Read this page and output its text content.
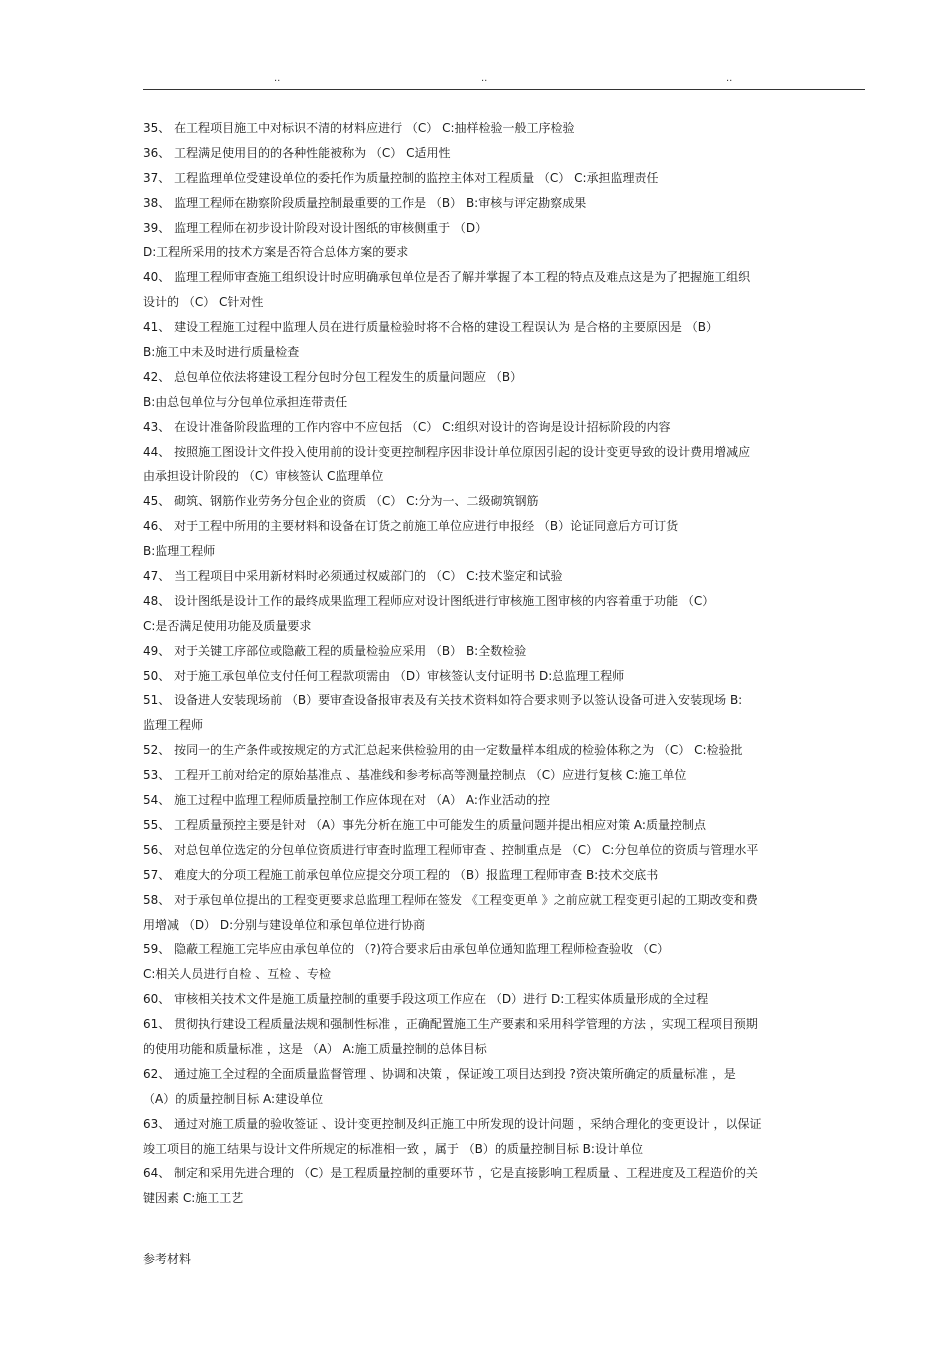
..	..	..
35、 在工程项目施工中对标识不清的材料应进行 （C） C:抽样检验一般工序检验
36、 工程满足使用目的的各种性能被称为 （C） C适用性
37、 工程监理单位受建设单位的委托作为质量控制的监控主体对工程质量 （C） C:承担监理责任
38、 监理工程师在勘察阶段质量控制最重要的工作是 （B） B:审核与评定勘察成果
39、 监理工程师在初步设计阶段对设计图纸的审核侧重于 （D）
D:工程所采用的技术方案是否符合总体方案的要求
40、 监理工程师审查施工组织设计时应明确承包单位是否了解并掌握了本工程的特点及难点这是为了把握施工组织
设计的 （C） C针对性
41、 建设工程施工过程中监理人员在进行质量检验时将不合格的建设工程误认为 是合格的主要原因是 （B）
B:施工中未及时进行质量检查
42、 总包单位依法将建设工程分包时分包工程发生的质量问题应 （B）
B:由总包单位与分包单位承担连带责任
43、 在设计准备阶段监理的工作内容中不应包括 （C） C:组织对设计的咨询是设计招标阶段的内容
44、 按照施工图设计文件投入使用前的设计变更控制程序因非设计单位原因引起的设计变更导致的设计费用增减应
由承担设计阶段的 （C）审核签认 C监理单位
45、 砌筑、钢筋作业劳务分包企业的资质 （C） C:分为一、二级砌筑钢筋
46、 对于工程中所用的主要材料和设备在订货之前施工单位应进行申报经 （B）论证同意后方可订货
B:监理工程师
47、 当工程项目中采用新材料时必须通过权威部门的 （C） C:技术鉴定和试验
48、 设计图纸是设计工作的最终成果监理工程师应对设计图纸进行审核施工图审核的内容着重于功能 （C）
C:是否满足使用功能及质量要求
49、 对于关键工序部位或隐蔽工程的质量检验应采用 （B） B:全数检验
50、 对于施工承包单位支付任何工程款项需由 （D）审核签认支付证明书 D:总监理工程师
51、 设备进人安装现场前 （B）要审查设备报审表及有关技术资料如符合要求则予以签认设备可进入安装现场 B:
监理工程师
52、 按同一的生产条件或按规定的方式汇总起来供检验用的由一定数量样本组成的检验体称之为 （C） C:检验批
53、 工程开工前对给定的原始基准点 、基准线和参考标高等测量控制点 （C）应进行复核 C:施工单位
54、 施工过程中监理工程师质量控制工作应体现在对 （A） A:作业活动的控
55、 工程质量预控主要是针对 （A）事先分析在施工中可能发生的质量问题并提出相应对策 A:质量控制点
56、 对总包单位选定的分包单位资质进行审查时监理工程师审查 、控制重点是 （C） C:分包单位的资质与管理水平
57、 难度大的分项工程施工前承包单位应提交分项工程的 （B）报监理工程师审查 B:技术交底书
58、 对于承包单位提出的工程变更要求总监理工程师在签发 《工程变更单 》之前应就工程变更引起的工期改变和费
用增减 （D） D:分别与建设单位和承包单位进行协商
59、 隐蔽工程施工完毕应由承包单位的 （?)符合要求后由承包单位通知监理工程师检查验收 （C）
C:相关人员进行自检 、互检 、专检
60、 审核相关技术文件是施工质量控制的重要手段这项工作应在 （D）进行 D:工程实体质量形成的全过程
61、 贯彻执行建设工程质量法规和强制性标准 ，正确配置施工生产要素和采用科学管理的方法 ，实现工程项目预期
的使用功能和质量标准 ，这是 （A） A:施工质量控制的总体目标
62、 通过施工全过程的全面质量监督管理 、协调和决策 ，保证竣工项目达到投 ?资决策所确定的质量标准 ，是
（A）的质量控制目标 A:建设单位
63、 通过对施工质量的验收签证 、设计变更控制及纠正施工中所发现的设计问题 ，采纳合理化的变更设计 ，以保证
竣工项目的施工结果与设计文件所规定的标准相一致 ，属于 （B）的质量控制目标 B:设计单位
64、 制定和采用先进合理的 （C）是工程质量控制的重要环节 ，它是直接影响工程质量 、工程进度及工程造价的关
键因素 C:施工工艺
参考材料
